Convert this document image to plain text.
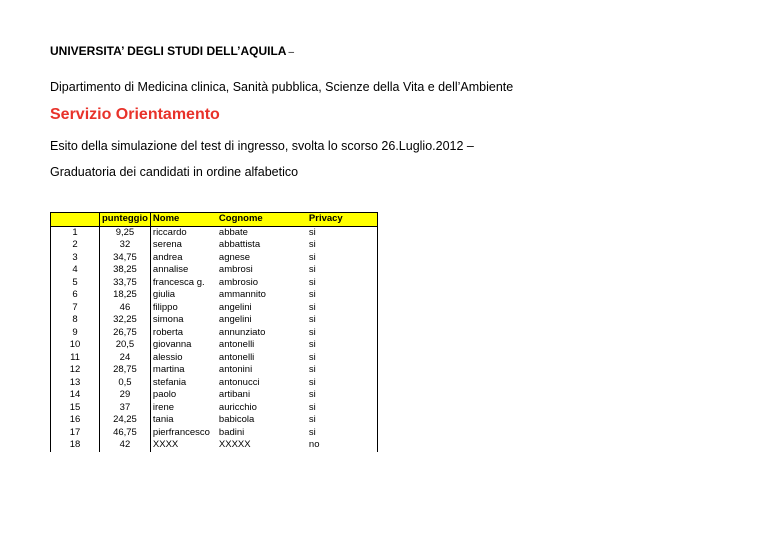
UNIVERSITA’ DEGLI STUDI DELL’AQUILA –
Dipartimento di Medicina clinica, Sanità pubblica, Scienze della Vita e dell’Ambiente
Servizio Orientamento
Esito della simulazione del test di ingresso, svolta lo scorso 26.Luglio.2012 –
Graduatoria dei candidati in ordine alfabetico
	punteggio	Nome	Cognome	Privacy
1	9,25	riccardo	abbate	si
2	32	serena	abbattista	si
3	34,75	andrea	agnese	si
4	38,25	annalise	ambrosi	si
5	33,75	francesca g.	ambrosio	si
6	18,25	giulia	ammannito	si
7	46	filippo	angelini	si
8	32,25	simona	angelini	si
9	26,75	roberta	annunziato	si
10	20,5	giovanna	antonelli	si
11	24	alessio	antonelli	si
12	28,75	martina	antonini	si
13	0,5	stefania	antonucci	si
14	29	paolo	artibani	si
15	37	irene	auricchio	si
16	24,25	tania	babicola	si
17	46,75	pierfrancesco	badini	si
18	42	XXXX	XXXXX	no
